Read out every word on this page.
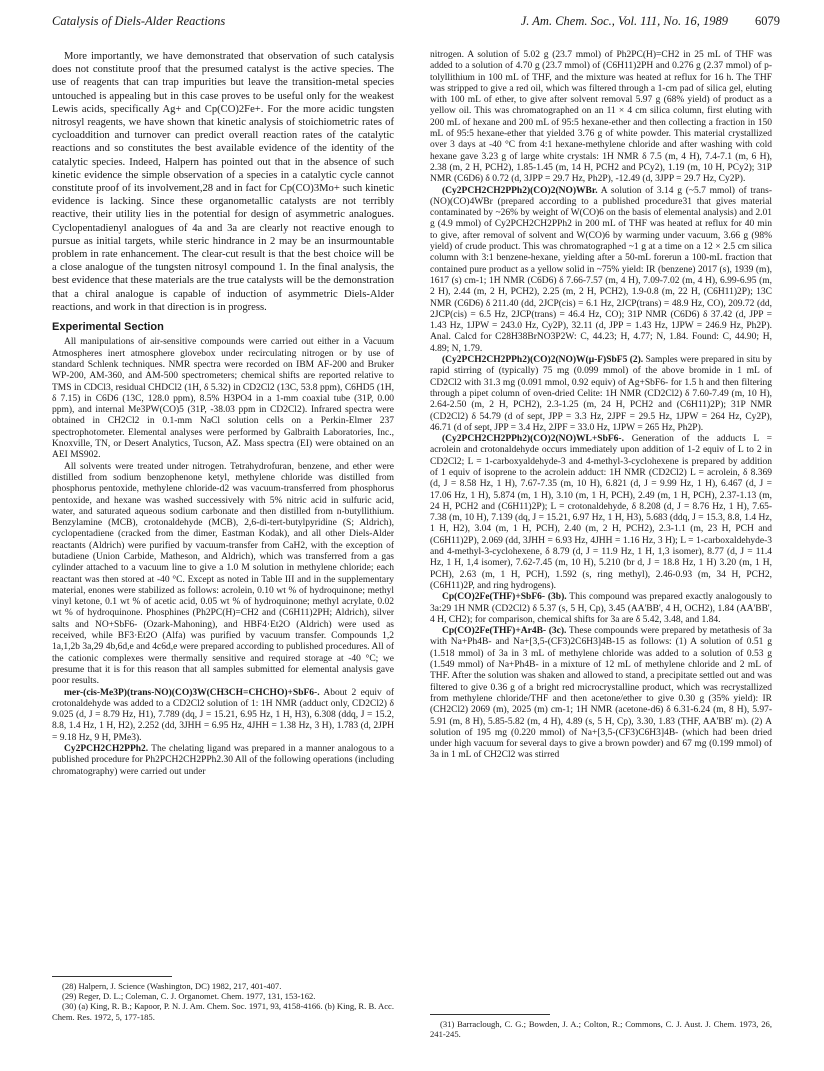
Catalysis of Diels-Alder Reactions	J. Am. Chem. Soc., Vol. 111, No. 16, 1989 6079

More importantly, we have demonstrated that observation of such catalysis does not constitute proof that the presumed catalyst is the active species. The use of reagents that can trap impurities but leave the transition-metal species untouched is appealing but in this case proves to be useful only for the weakest Lewis acids, specifically Ag+ and Cp(CO)2Fe+. For the more acidic tungsten nitrosyl reagents, we have shown that kinetic analysis of stoichiometric rates of cycloaddition and turnover can predict overall reaction rates of the catalytic reactions and so constitutes the best available evidence of the identity of the catalytic species. Indeed, Halpern has pointed out that in the absence of such kinetic evidence the simple observation of a species in a catalytic cycle cannot constitute proof of its involvement,28 and in fact for Cp(CO)3Mo+ such kinetic evidence is lacking. Since these organometallic catalysts are not terribly reactive, their utility lies in the potential for design of asymmetric analogues. Cyclopentadienyl analogues of 4a and 3a are clearly not reactive enough to pursue as initial targets, while steric hindrance in 2 may be an insurmountable problem in rate enhancement. The clear-cut result is that the best choice will be a close analogue of the tungsten nitrosyl compound 1. In the final analysis, the best evidence that these materials are the true catalysts will be the demonstration that a chiral analogue is capable of induction of asymmetric Diels-Alder reactions, and work in that direction is in progress.

Experimental Section

All manipulations of air-sensitive compounds were carried out either in a Vacuum Atmospheres inert atmosphere glovebox under recirculating nitrogen or by use of standard Schlenk techniques. NMR spectra were recorded on IBM AF-200 and Bruker WP-200, AM-360, and AM-500 spectrometers; chemical shifts are reported relative to TMS in CDCl3, residual CHDCl2 (1H, δ 5.32) in CD2Cl2 (13C, 53.8 ppm), C6HD5 (1H, δ 7.15) in C6D6 (13C, 128.0 ppm), 8.5% H3PO4 in a 1-mm coaxial tube (31P, 0.00 ppm), and internal Me3PW(CO)5 (31P, -38.03 ppm in CD2Cl2). Infrared spectra were obtained in CH2Cl2 in 0.1-mm NaCl solution cells on a Perkin-Elmer 237 spectrophotometer. Elemental analyses were performed by Galbraith Laboratories, Inc., Knoxville, TN, or Desert Analytics, Tucson, AZ. Mass spectra (EI) were obtained on an AEI MS902.

All solvents were treated under nitrogen. Tetrahydrofuran, benzene, and ether were distilled from sodium benzophenone ketyl, methylene chloride was distilled from phosphorus pentoxide, methylene chloride-d2 was vacuum-transferred from phosphorus pentoxide, and hexane was washed successively with 5% nitric acid in sulfuric acid, water, and saturated aqueous sodium carbonate and then distilled from n-butyllithium. Benzylamine (MCB), crotonaldehyde (MCB), 2,6-di-tert-butylpyridine (S; Aldrich), cyclopentadiene (cracked from the dimer, Eastman Kodak), and all other Diels-Alder reactants (Aldrich) were purified by vacuum-transfer from CaH2, with the exception of butadiene (Union Carbide, Matheson, and Aldrich), which was transferred from a gas cylinder attached to a vacuum line to give a 1.0 M solution in methylene chloride; each reactant was then stored at -40 °C. Except as noted in Table III and in the supplementary material, enones were stabilized as follows: acrolein, 0.10 wt % of hydroquinone; methyl vinyl ketone, 0.1 wt % of acetic acid, 0.05 wt % of hydroquinone; methyl acrylate, 0.02 wt % of hydroquinone. Phosphines (Ph2PC(H)=CH2 and (C6H11)2PH; Aldrich), silver salts and NO+SbF6- (Ozark-Mahoning), and HBF4·Et2O (Aldrich) were used as received, while BF3·Et2O (Alfa) was purified by vacuum transfer. Compounds 1,2 1a,1,2b 3a,29 4b,6d,e and 4c6d,e were prepared according to published procedures. All of the cationic complexes were thermally sensitive and required storage at -40 °C; we presume that it is for this reason that all samples submitted for elemental analysis gave poor results.

mer-(cis-Me3P)(trans-NO)(CO)3W(CH3CH=CHCHO)+SbF6-. About 2 equiv of crotonaldehyde was added to a CD2Cl2 solution of 1: 1H NMR (adduct only, CD2Cl2) δ 9.025 (d, J = 8.79 Hz, H1), 7.789 (dq, J = 15.21, 6.95 Hz, 1 H, H3), 6.308 (ddq, J = 15.2, 8.8, 1.4 Hz, 1 H, H2), 2.252 (dd, 3JHH = 6.95 Hz, 4JHH = 1.38 Hz, 3 H), 1.783 (d, 2JPH = 9.18 Hz, 9 H, PMe3).

Cy2PCH2CH2PPh2. The chelating ligand was prepared in a manner analogous to a published procedure for Ph2PCH2CH2PPh2.30 All of the following operations (including chromatography) were carried out under

nitrogen. A solution of 5.02 g (23.7 mmol) of Ph2PC(H)=CH2 in 25 mL of THF was added to a solution of 4.70 g (23.7 mmol) of (C6H11)2PH and 0.276 g (2.37 mmol) of p-tolyllithium in 100 mL of THF, and the mixture was heated at reflux for 16 h. The THF was stripped to give a red oil, which was filtered through a 1-cm pad of silica gel, eluting with 100 mL of ether, to give after solvent removal 5.97 g (68% yield) of product as a yellow oil. This was chromatographed on an 11 × 4 cm silica column, first eluting with 200 mL of hexane and 200 mL of 95:5 hexane-ether and then collecting a fraction in 150 mL of 95:5 hexane-ether that yielded 3.76 g of white powder. This material crystallized over 3 days at -40 °C from 4:1 hexane-methylene chloride and after washing with cold hexane gave 3.23 g of large white crystals: 1H NMR δ 7.5 (m, 4 H), 7.4-7.1 (m, 6 H), 2.38 (m, 2 H, PCH2), 1.85-1.45 (m, 14 H, PCH2 and PCy2), 1.19 (m, 10 H, PCy2); 31P NMR (C6D6) δ 0.72 (d, 3JPP = 29.7 Hz, Ph2P), -12.49 (d, 3JPP = 29.7 Hz, Cy2P).

(Cy2PCH2CH2PPh2)(CO)2(NO)WBr. A solution of 3.14 g (~5.7 mmol) of trans-(NO)(CO)4WBr (prepared according to a published procedure31 that gives material contaminated by ~26% by weight of W(CO)6 on the basis of elemental analysis) and 2.01 g (4.9 mmol) of Cy2PCH2CH2PPh2 in 200 mL of THF was heated at reflux for 40 min to give, after removal of solvent and W(CO)6 by warming under vacuum, 3.66 g (98% yield) of crude product. This was chromatographed ~1 g at a time on a 12 × 2.5 cm silica column with 3:1 benzene-hexane, yielding after a 50-mL forerun a 100-mL fraction that contained pure product as a yellow solid in ~75% yield: IR (benzene) 2017 (s), 1939 (m), 1617 (s) cm-1; 1H NMR (C6D6) δ 7.66-7.57 (m, 4 H), 7.09-7.02 (m, 4 H), 6.99-6.95 (m, 2 H), 2.44 (m, 2 H, PCH2), 2.25 (m, 2 H, PCH2), 1.9-0.8 (m, 22 H, (C6H11)2P); 13C NMR (C6D6) δ 211.40 (dd, 2JCP(cis) = 6.1 Hz, 2JCP(trans) = 48.9 Hz, CO), 209.72 (dd, 2JCP(cis) = 6.5 Hz, 2JCP(trans) = 46.4 Hz, CO); 31P NMR (C6D6) δ 37.42 (d, JPP = 1.43 Hz, 1JPW = 243.0 Hz, Cy2P), 32.11 (d, JPP = 1.43 Hz, 1JPW = 246.9 Hz, Ph2P). Anal. Calcd for C28H38BrNO3P2W: C, 44.23; H, 4.77; N, 1.84. Found: C, 44.90; H, 4.89; N, 1.79.

(Cy2PCH2CH2PPh2)(CO)2(NO)W(μ-F)SbF5 (2). Samples were prepared in situ by rapid stirring of (typically) 75 mg (0.099 mmol) of the above bromide in 1 mL of CD2Cl2 with 31.3 mg (0.091 mmol, 0.92 equiv) of Ag+SbF6- for 1.5 h and then filtering through a pipet column of oven-dried Celite: 1H NMR (CD2Cl2) δ 7.60-7.49 (m, 10 H), 2.64-2.50 (m, 2 H, PCH2), 2.3-1.25 (m, 24 H, PCH2 and (C6H11)2P); 31P NMR (CD2Cl2) δ 54.79 (d of sept, JPP = 3.3 Hz, 2JPF = 29.5 Hz, 1JPW = 264 Hz, Cy2P), 46.71 (d of sept, JPP = 3.4 Hz, 2JPF = 33.0 Hz, 1JPW = 265 Hz, Ph2P).

(Cy2PCH2CH2PPh2)(CO)2(NO)WL+SbF6-. Generation of the adducts L = acrolein and crotonaldehyde occurs immediately upon addition of 1-2 equiv of L to 2 in CD2Cl2; L = 1-carboxyaldehyde-3 and 4-methyl-3-cyclohexene is prepared by addition of 1 equiv of isoprene to the acrolein adduct: 1H NMR (CD2Cl2) L = acrolein, δ 8.369 (d, J = 8.58 Hz, 1 H), 7.67-7.35 (m, 10 H), 6.821 (d, J = 9.99 Hz, 1 H), 6.467 (d, J = 17.06 Hz, 1 H), 5.874 (m, 1 H), 3.10 (m, 1 H, PCH), 2.49 (m, 1 H, PCH), 2.37-1.13 (m, 24 H, PCH2 and (C6H11)2P); L = crotonaldehyde, δ 8.208 (d, J = 8.76 Hz, 1 H), 7.65-7.38 (m, 10 H), 7.139 (dq, J = 15.21, 6.97 Hz, 1 H, H3), 5.683 (ddq, J = 15.3, 8.8, 1.4 Hz, 1 H, H2), 3.04 (m, 1 H, PCH), 2.40 (m, 2 H, PCH2), 2.3-1.1 (m, 23 H, PCH and (C6H11)2P), 2.069 (dd, 3JHH = 6.93 Hz, 4JHH = 1.16 Hz, 3 H); L = 1-carboxaldehyde-3 and 4-methyl-3-cyclohexene, δ 8.79 (d, J = 11.9 Hz, 1 H, 1,3 isomer), 8.77 (d, J = 11.4 Hz, 1 H, 1,4 isomer), 7.62-7.45 (m, 10 H), 5.210 (br d, J = 18.8 Hz, 1 H) 3.20 (m, 1 H, PCH), 2.63 (m, 1 H, PCH), 1.592 (s, ring methyl), 2.46-0.93 (m, 34 H, PCH2, (C6H11)2P, and ring hydrogens).

Cp(CO)2Fe(THF)+SbF6- (3b). This compound was prepared exactly analogously to 3a:29 1H NMR (CD2Cl2) δ 5.37 (s, 5 H, Cp), 3.45 (AA'BB', 4 H, OCH2), 1.84 (AA'BB', 4 H, CH2); for comparison, chemical shifts for 3a are δ 5.42, 3.48, and 1.84.

Cp(CO)2Fe(THF)+Ar4B- (3c). These compounds were prepared by metathesis of 3a with Na+Ph4B- and Na+[3,5-(CF3)2C6H3]4B-15 as follows: (1) A solution of 0.51 g (1.518 mmol) of 3a in 3 mL of methylene chloride was added to a solution of 0.53 g (1.549 mmol) of Na+Ph4B- in a mixture of 12 mL of methylene chloride and 2 mL of THF. After the solution was shaken and allowed to stand, a precipitate settled out and was filtered to give 0.36 g of a bright red microcrystalline product, which was recrystallized from methylene chloride/THF and then acetone/ether to give 0.30 g (35% yield): IR (CH2Cl2) 2069 (m), 2025 (m) cm-1; 1H NMR (acetone-d6) δ 6.31-6.24 (m, 8 H), 5.97-5.91 (m, 8 H), 5.85-5.82 (m, 4 H), 4.89 (s, 5 H, Cp), 3.30, 1.83 (THF, AA'BB' m). (2) A solution of 195 mg (0.220 mmol) of Na+[3,5-(CF3)C6H3]4B- (which had been dried under high vacuum for several days to give a brown powder) and 67 mg (0.199 mmol) of 3a in 1 mL of CH2Cl2 was stirred

(28) Halpern, J. Science (Washington, DC) 1982, 217, 401-407.

(29) Reger, D. L.; Coleman, C. J. Organomet. Chem. 1977, 131, 153-162.

(30) (a) King, R. B.; Kapoor, P. N. J. Am. Chem. Soc. 1971, 93, 4158-4166. (b) King, R. B. Acc. Chem. Res. 1972, 5, 177-185.

(31) Barraclough, C. G.; Bowden, J. A.; Colton, R.; Commons, C. J. Aust. J. Chem. 1973, 26, 241-245.
